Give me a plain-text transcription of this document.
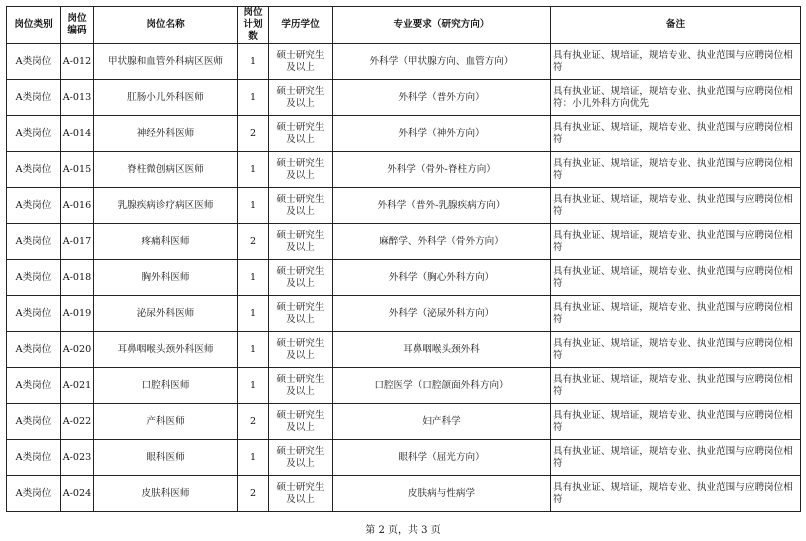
岗位类别	岗位编码	岗位名称	岗位计划数	学历学位	专业要求（研究方向）	备注
A类岗位	A-012	甲状腺和血管外科病区医师	1	硕士研究生及以上	外科学（甲状腺方向、血管方向）	具有执业证、规培证，规培专业、执业范围与应聘岗位相符
A类岗位	A-013	肛肠小儿外科医师	1	硕士研究生及以上	外科学（普外方向）	具有执业证、规培证，规培专业、执业范围与应聘岗位相符：小儿外科方向优先
A类岗位	A-014	神经外科医师	2	硕士研究生及以上	外科学（神外方向）	具有执业证、规培证，规培专业、执业范围与应聘岗位相符
A类岗位	A-015	脊柱微创病区医师	1	硕士研究生及以上	外科学（骨外-脊柱方向）	具有执业证、规培证，规培专业、执业范围与应聘岗位相符
A类岗位	A-016	乳腺疾病诊疗病区医师	1	硕士研究生及以上	外科学（普外-乳腺疾病方向）	具有执业证、规培证，规培专业、执业范围与应聘岗位相符
A类岗位	A-017	疼痛科医师	2	硕士研究生及以上	麻醉学、外科学（骨外方向）	具有执业证、规培证，规培专业、执业范围与应聘岗位相符
A类岗位	A-018	胸外科医师	1	硕士研究生及以上	外科学（胸心外科方向）	具有执业证、规培证，规培专业、执业范围与应聘岗位相符
A类岗位	A-019	泌尿外科医师	1	硕士研究生及以上	外科学（泌尿外科方向）	具有执业证、规培证，规培专业、执业范围与应聘岗位相符
A类岗位	A-020	耳鼻咽喉头颈外科医师	1	硕士研究生及以上	耳鼻咽喉头颈外科	具有执业证、规培证，规培专业、执业范围与应聘岗位相符
A类岗位	A-021	口腔科医师	1	硕士研究生及以上	口腔医学（口腔颌面外科方向）	具有执业证、规培证，规培专业、执业范围与应聘岗位相符
A类岗位	A-022	产科医师	2	硕士研究生及以上	妇产科学	具有执业证、规培证，规培专业、执业范围与应聘岗位相符
A类岗位	A-023	眼科医师	1	硕士研究生及以上	眼科学（屈光方向）	具有执业证、规培证，规培专业、执业范围与应聘岗位相符
A类岗位	A-024	皮肤科医师	2	硕士研究生及以上	皮肤病与性病学	具有执业证、规培证，规培专业、执业范围与应聘岗位相符
第 2 页，共 3 页
